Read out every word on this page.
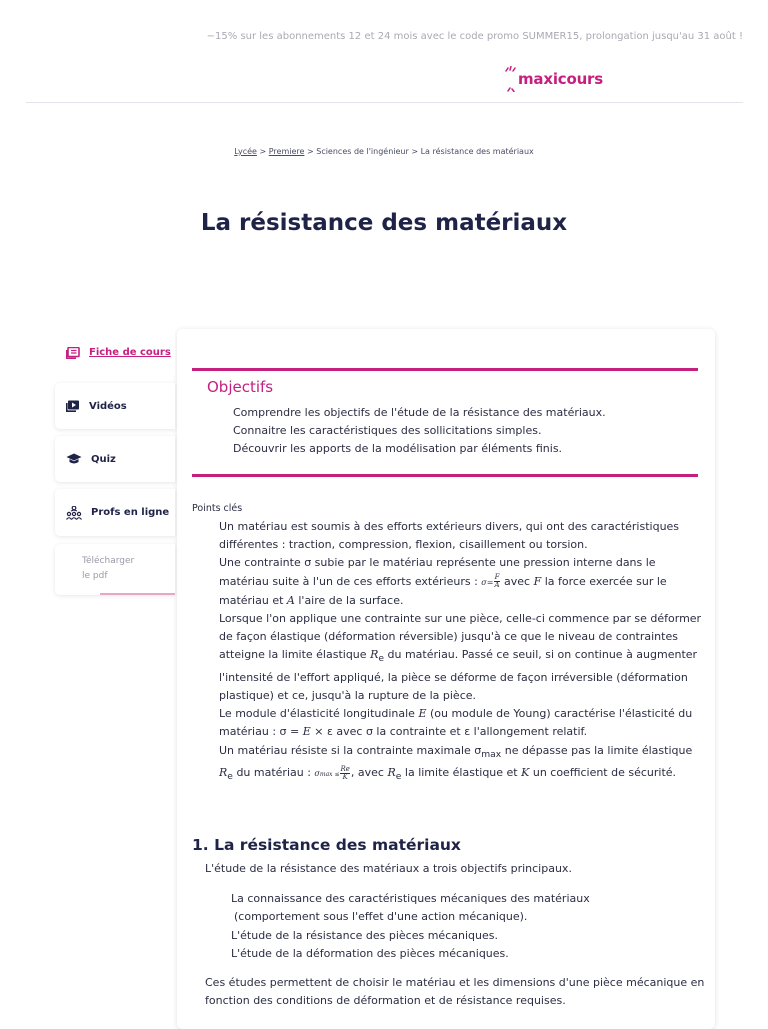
−15% sur les abonnements 12 et 24 mois avec le code promo SUMMER15, prolongation jusqu'au 31 août !
maxicours
Lycée > Premiere > Sciences de l'ingénieur > La résistance des matériaux
La résistance des matériaux
Fiche de cours
Vidéos
Quiz
Profs en ligne
Télécharger
le pdf
Objectifs
Comprendre les objectifs de l'étude de la résistance des matériaux.
Connaitre les caractéristiques des sollicitations simples.
Découvrir les apports de la modélisation par éléments finis.
Points clés

Un matériau est soumis à des efforts extérieurs divers, qui ont des caractéristiques différentes : traction, compression, flexion, cisaillement ou torsion.

Une contrainte σ subie par le matériau représente une pression interne dans le matériau suite à l'un de ces efforts extérieurs : $\sigma= \frac{F}{A}$ avec F la force exercée sur le matériau et A l'aire de la surface.

Lorsque l'on applique une contrainte sur une pièce, celle-ci commence par se déformer de façon élastique (déformation réversible) jusqu'à ce que le niveau de contraintes atteigne la limite élastique $R_e$ du matériau. Passé ce seuil, si on continue à augmenter l'intensité de l'effort appliqué, la pièce se déforme de façon irréversible (déformation plastique) et ce, jusqu'à la rupture de la pièce.

Le module d'élasticité longitudinale E (ou module de Young) caractérise l'élasticité du matériau : σ = E × ε avec σ la contrainte et ε l'allongement relatif.

Un matériau résiste si la contrainte maximale $\sigma_{max}$ ne dépasse pas la limite élastique $R_e$ du matériau : $\sigma\max \le \frac{Re}{K}$ , avec $R_e$ la limite élastique et K un coefficient de sécurité.

1. La résistance des matériaux
L'étude de la résistance des matériaux a trois objectifs principaux.
La connaissance des caractéristiques mécaniques des matériaux
(comportement sous l'effet d'une action mécanique).
L'étude de la résistance des pièces mécaniques.
L'étude de la déformation des pièces mécaniques.
Ces études permettent de choisir le matériau et les dimensions d'une pièce mécanique en fonction des conditions de déformation et de résistance requises.
